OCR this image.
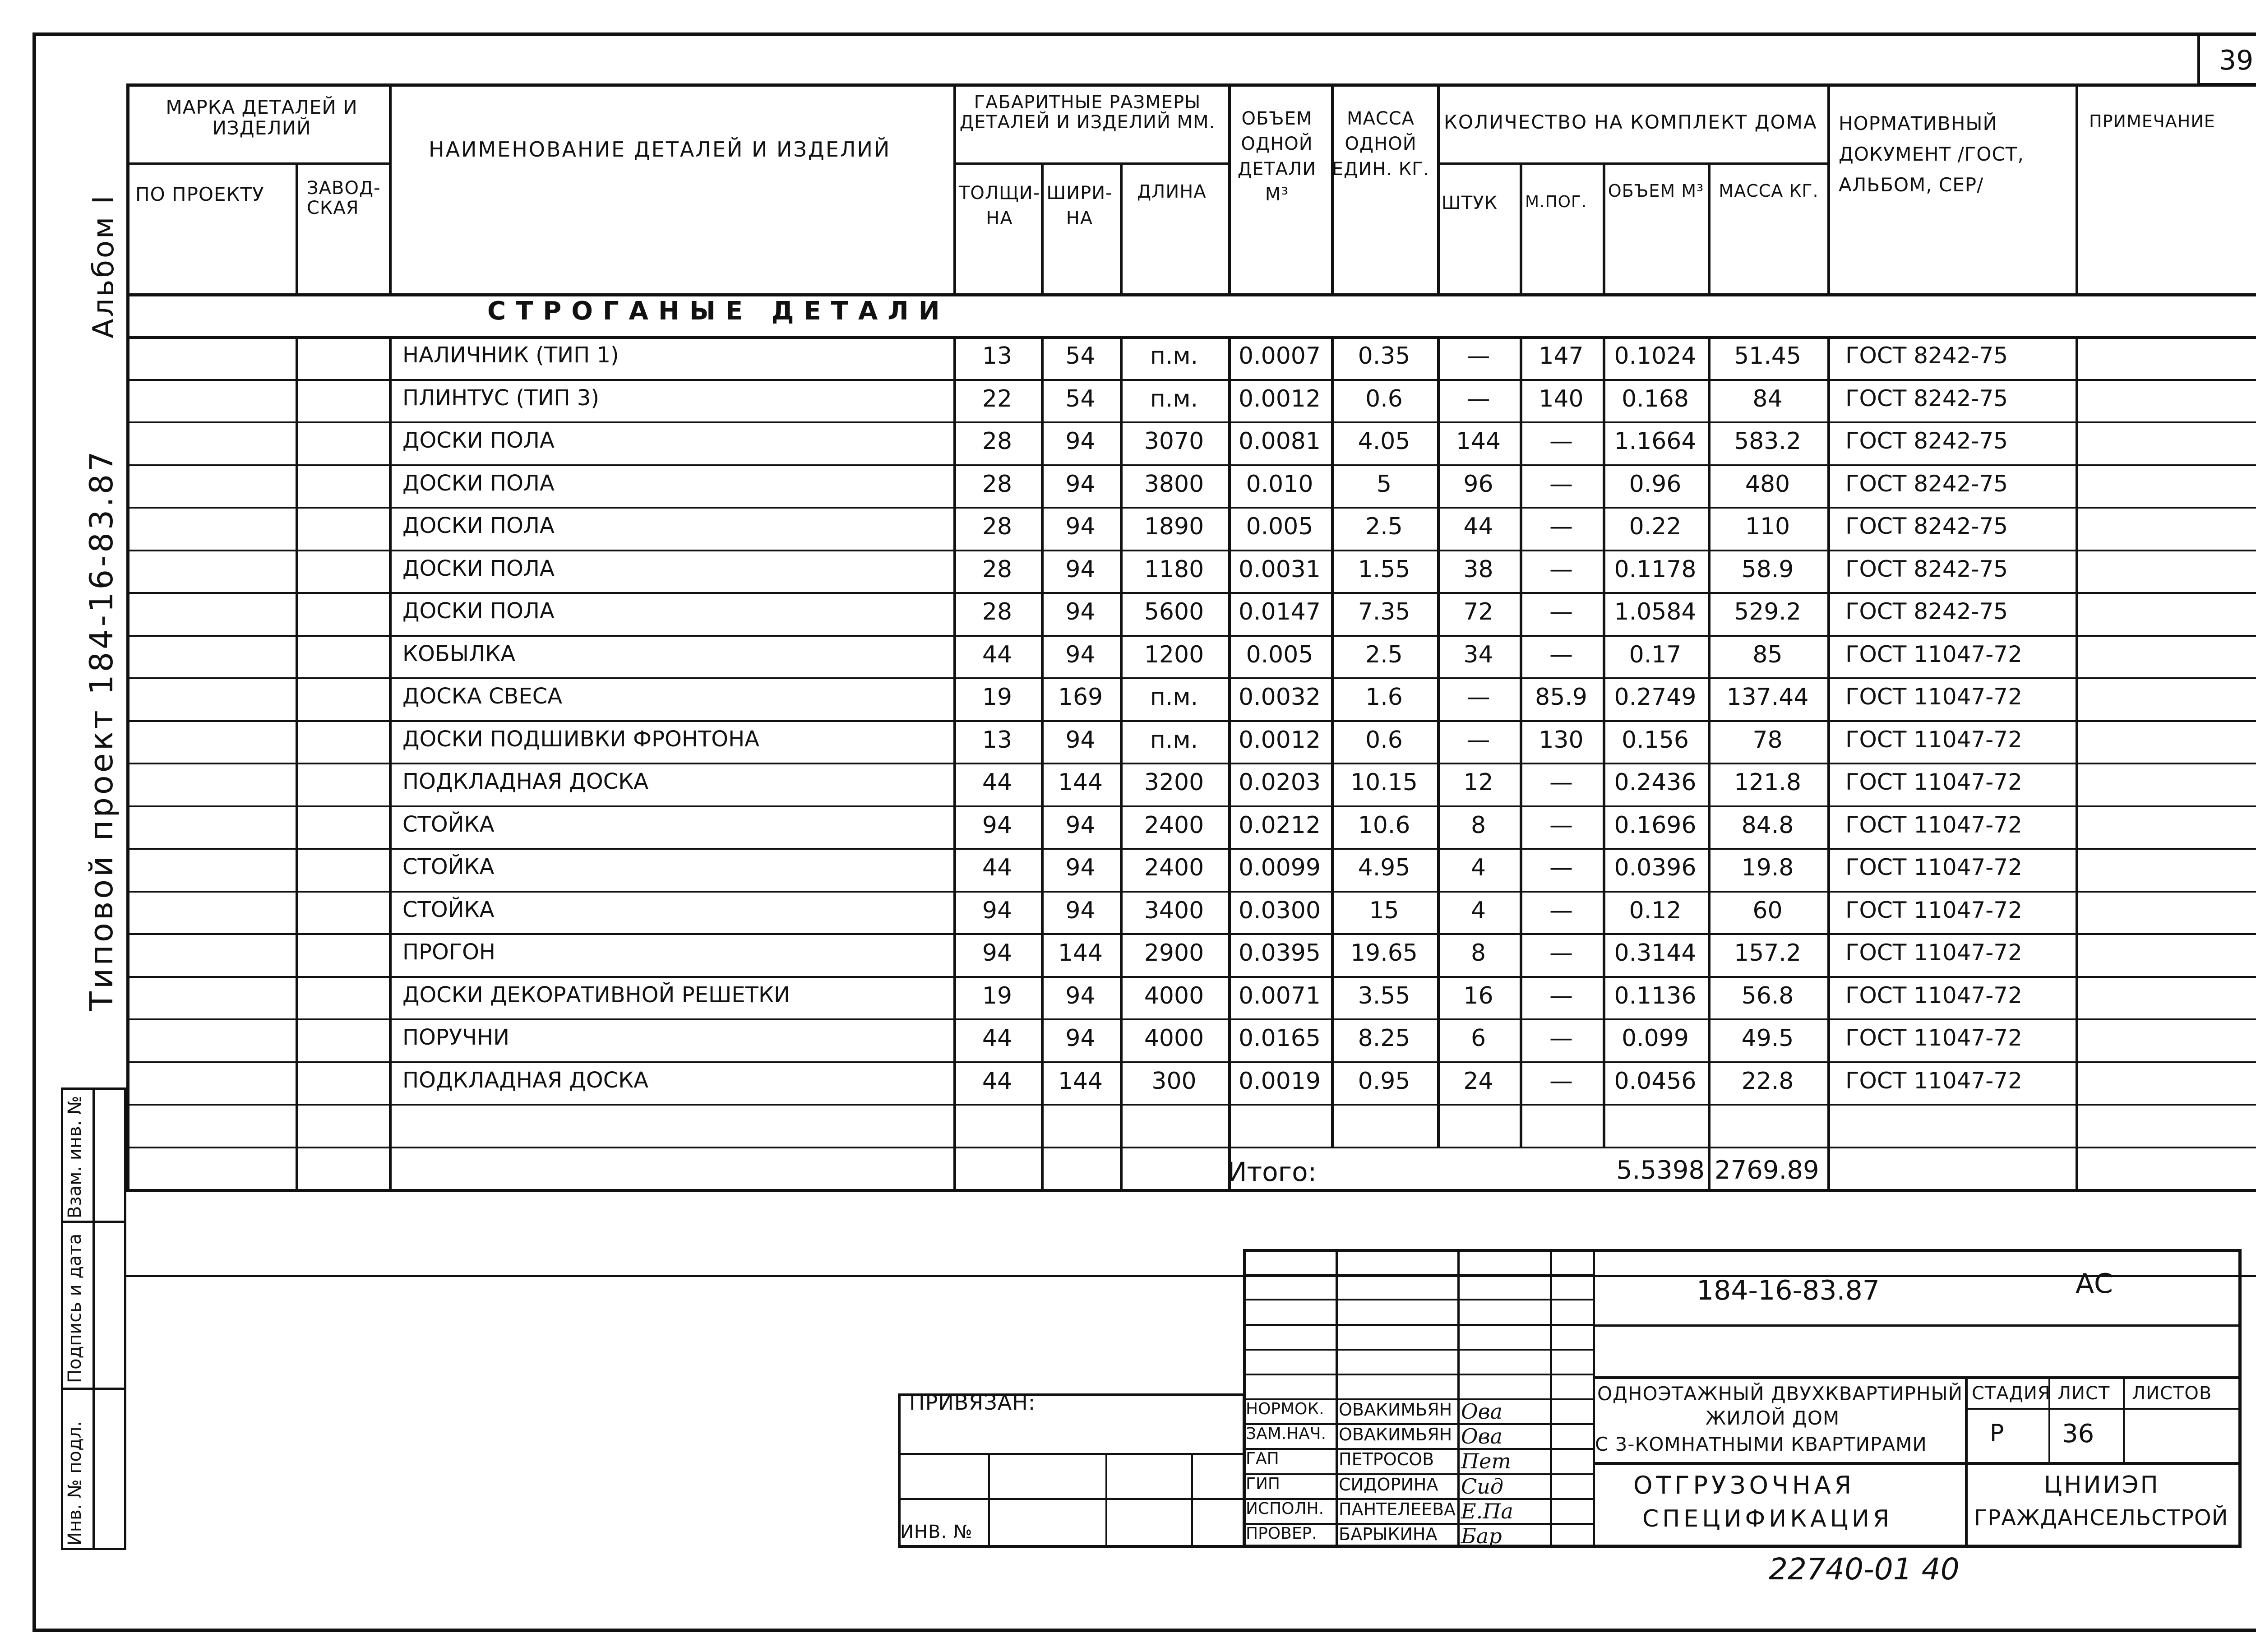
39
Альбом I
Типовой проект 184-16-83.87
Взам. инв. №
Подпись и дата
Инв. № подл.
МАРКА ДЕТАЛЕЙ И ИЗДЕЛИЙ
ПО ПРОЕКТУ ЗАВОД-СКАЯ
НАИМЕНОВАНИЕ ДЕТАЛЕЙ И ИЗДЕЛИЙ
ГАБАРИТНЫЕ РАЗМЕРЫ ДЕТАЛЕЙ И ИЗДЕЛИЙ ММ.
ТОЛЩИ-НА
ШИРИ-НА
ДЛИНА
ОБЪЕМ ОДНОЙ ДЕТАЛИ М³
МАССА ОДНОЙ ЕДИН. КГ.
КОЛИЧЕСТВО НА КОМПЛЕКТ ДОМА
ШТУК М.ПОГ.
ОБЪЕМ М³ МАССА КГ.
НОРМАТИВНЫЙ ДОКУМЕНТ /ГОСТ, АЛЬБОМ, СЕР/
ПРИМЕЧАНИЕ
СТРОГАНЫЕ ДЕТАЛИ
НАЛИЧНИК (ТИП 1)	13	54	п.м.	0.0007	0.35	—	147	0.1024	51.45	ГОСТ 8242-75
ПЛИНТУС (ТИП 3)	22	54	п.м.	0.0012	0.6	—	140	0.168	84	ГОСТ 8242-75
ДОСКИ ПОЛА	28	94	3070	0.0081	4.05	144	—	1.1664	583.2	ГОСТ 8242-75
ДОСКИ ПОЛА	28	94	3800	0.010	5	96	—	0.96	480	ГОСТ 8242-75
ДОСКИ ПОЛА	28	94	1890	0.005	2.5	44	—	0.22	110	ГОСТ 8242-75
ДОСКИ ПОЛА	28	94	1180	0.0031	1.55	38	—	0.1178	58.9	ГОСТ 8242-75
ДОСКИ ПОЛА	28	94	5600	0.0147	7.35	72	—	1.0584	529.2	ГОСТ 8242-75
КОБЫЛКА	44	94	1200	0.005	2.5	34	—	0.17	85	ГОСТ 11047-72
ДОСКА СВЕСА	19	169	п.м.	0.0032	1.6	—	85.9	0.2749	137.44	ГОСТ 11047-72
ДОСКИ ПОДШИВКИ ФРОНТОНА	13	94	п.м.	0.0012	0.6	—	130	0.156	78	ГОСТ 11047-72
ПОДКЛАДНАЯ ДОСКА	44	144	3200	0.0203	10.15	12	—	0.2436	121.8	ГОСТ 11047-72
СТОЙКА	94	94	2400	0.0212	10.6	8	—	0.1696	84.8	ГОСТ 11047-72
СТОЙКА	44	94	2400	0.0099	4.95	4	—	0.0396	19.8	ГОСТ 11047-72
СТОЙКА	94	94	3400	0.0300	15	4	—	0.12	60	ГОСТ 11047-72
ПРОГОН	94	144	2900	0.0395	19.65	8	—	0.3144	157.2	ГОСТ 11047-72
ДОСКИ ДЕКОРАТИВНОЙ РЕШЕТКИ	19	94	4000	0.0071	3.55	16	—	0.1136	56.8	ГОСТ 11047-72
ПОРУЧНИ	44	94	4000	0.0165	8.25	6	—	0.099	49.5	ГОСТ 11047-72
ПОДКЛАДНАЯ ДОСКА	44	144	300	0.0019	0.95	24	—	0.0456	22.8	ГОСТ 11047-72
Итого:	5.5398 2769.89
184-16-83.87	АС
ПРИВЯЗАН:
ИНВ. №
НОРМОК. ОВАКИМЬЯН Ова
ЗАМ.НАЧ. ОВАКИМЬЯН Ова
ГАП	ПЕТРОСОВ Пет
ГИП	СИДОРИНА Сид
ИСПОЛН. ПАНТЕЛЕЕВА Е.Па
ПРОВЕР. БАРЫКИНА Бар
ОДНОЭТАЖНЫЙ ДВУХКВАРТИРНЫЙ
ЖИЛОЙ ДОМ
С 3-КОМНАТНЫМИ КВАРТИРАМИ
ОТГРУЗОЧНАЯ
СПЕЦИФИКАЦИЯ
СТАДИЯ ЛИСТ ЛИСТОВ
Р 36
ЦНИИЭП
ГРАЖДАНСЕЛЬСТРОЙ
22740-01 40
